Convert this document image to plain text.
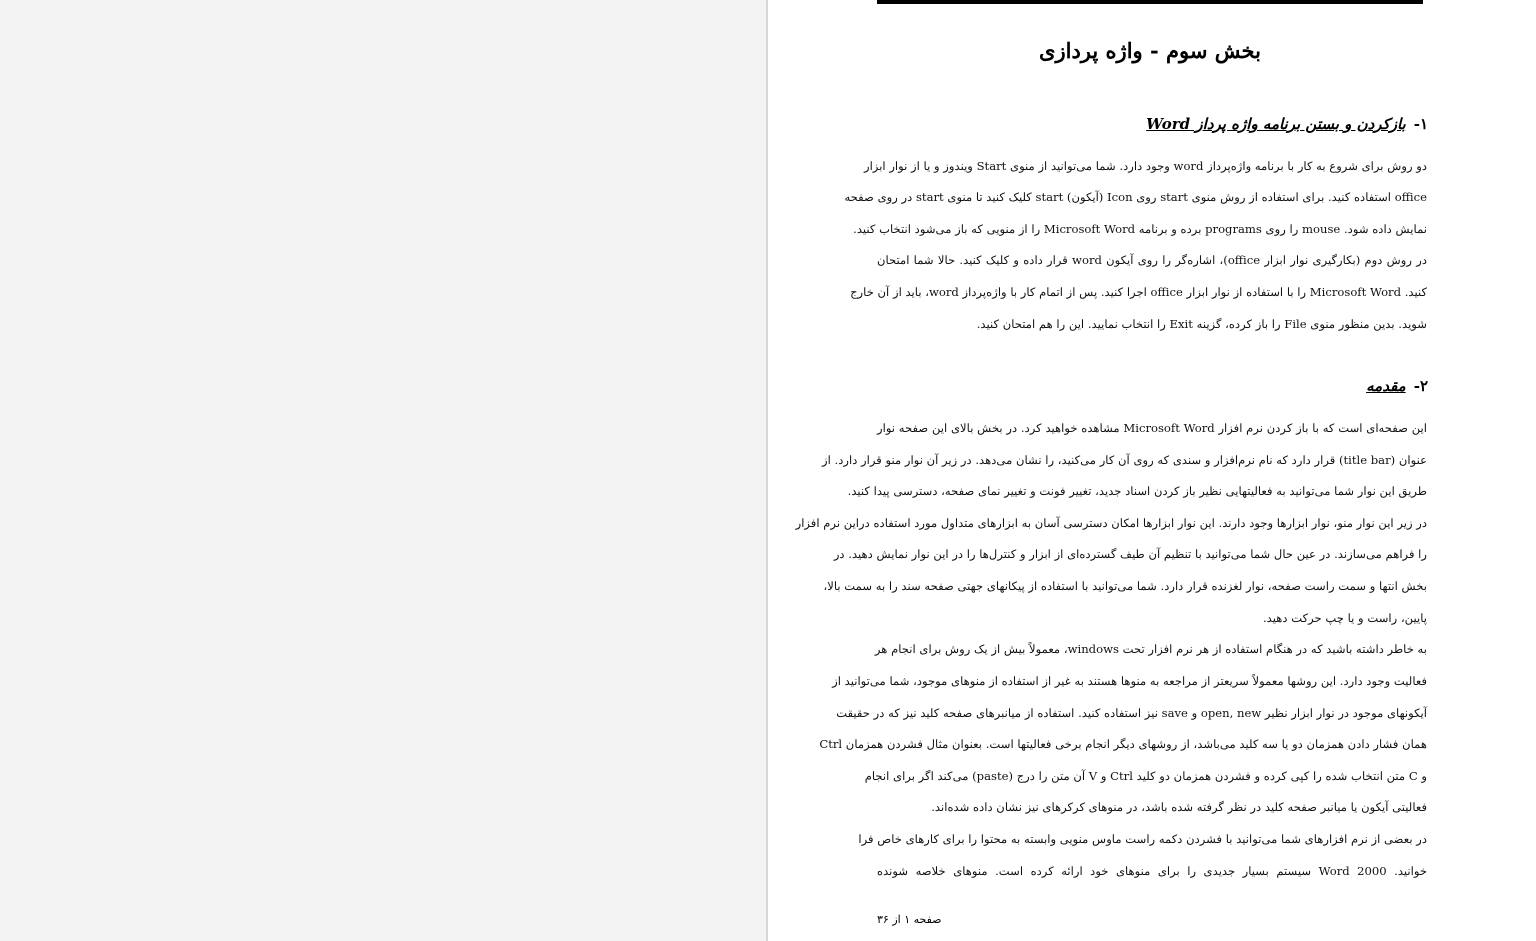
بخش سوم - واژه پردازی
۱-بازکردن و بستن برنامه واژه پرداز Word
دو روش برای شروع به کار با برنامه واژه‌پرداز word وجود دارد. شما می‌توانید از منوی Start ویندوز و یا از نوار ابزار
office استفاده کنید. برای استفاده از روش منوی start روی Icon (آیکون) start کلیک کنید تا منوی start در روی صفحه
نمایش داده شود. mouse را روی programs برده و برنامه Microsoft Word را از منویی که باز می‌شود انتخاب کنید.
در روش دوم (بکارگیری نوار ابزار office)، اشاره‌گر را روی آیکون word قرار داده و کلیک کنید. حالا شما امتحان
کنید. Microsoft Word را با استفاده از نوار ابزار office اجرا کنید. پس از اتمام کار با واژه‌پرداز word، باید از آن خارج
شوید. بدین منظور منوی File را باز کرده، گزینه Exit را انتخاب نمایید. این را هم امتحان کنید.
۲-مقدمه
این صفحه‌ای است که با باز کردن نرم افزار Microsoft Word مشاهده خواهید کرد. در بخش بالای این صفحه نوار
عنوان (title bar) قرار دارد که نام نرم‌افزار و سندی که روی آن کار می‌کنید، را نشان می‌دهد. در زیر آن نوار منو قرار دارد. از
طریق این نوار شما می‌توانید به فعالیتهایی نظیر باز کردن اسناد جدید، تغییر فونت و تغییر نمای صفحه، دسترسی پیدا کنید.
در زیر این نوار منو، نوار ابزارها وجود دارند. این نوار ابزارها امکان دسترسی آسان به ابزارهای متداول مورد استفاده دراین نرم افزار
را فراهم می‌سازند. در عین حال شما می‌توانید با تنظیم آن طیف گسترده‌ای از ابزار و کنترل‌ها را در این نوار نمایش دهید. در
بخش انتها و سمت راست صفحه، نوار لغزنده قرار دارد. شما می‌توانید با استفاده از پیکانهای جهتی صفحه سند را به سمت بالا،
پایین، راست و یا چپ حرکت دهید.
به خاطر داشته باشید که در هنگام استفاده از هر نرم افزار تحت windows، معمولاً بیش از یک روش برای انجام هر
فعالیت وجود دارد. این روشها معمولاً سریعتر از مراجعه به منوها هستند به غیر از استفاده از منوهای موجود، شما می‌توانید از
آیکونهای موجود در نوار ابزار نظیر open, new و save نیز استفاده کنید. استفاده از میانبرهای صفحه کلید نیز که در حقیقت
همان فشار دادن همزمان دو یا سه کلید می‌باشد، از روشهای دیگر انجام برخی فعالیتها است. بعنوان مثال فشردن همزمان Ctrl
و C متن انتخاب شده را کپی کرده و فشردن همزمان دو کلید Ctrl و V آن متن را درج (paste) می‌کند اگر برای انجام
فعالیتی آیکون یا میانبر صفحه کلید در نظر گرفته شده باشد، در منوهای کرکرهای نیز نشان داده شده‌اند.
در بعضی از نرم افزارهای شما می‌توانید با فشردن دکمه راست ماوس منویی وابسته به محتوا را برای کارهای خاص فرا
خوانید. Word 2000 سیستم بسیار جدیدی را برای منوهای خود ارائه کرده است. منوهای خلاصه شونده
صفحه ۱ از ۳۶
